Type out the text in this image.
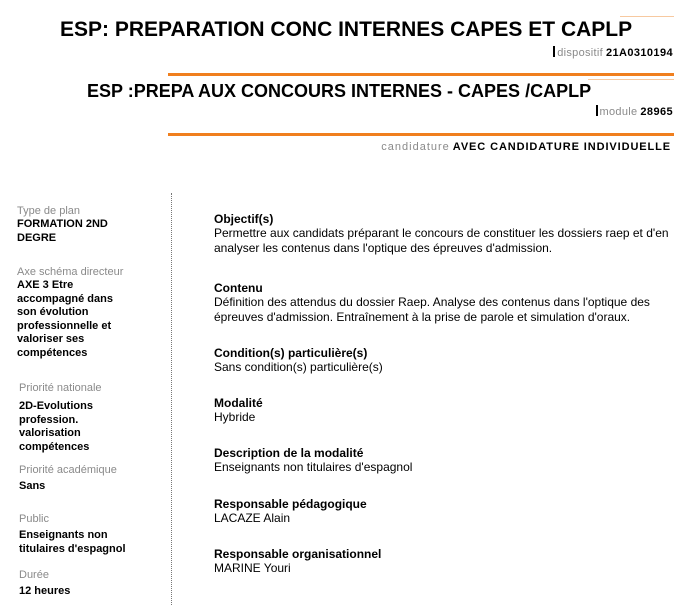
ESP: PREPARATION CONC INTERNES CAPES ET CAPLP
dispositif 21A0310194
ESP :PREPA AUX CONCOURS INTERNES - CAPES /CAPLP
module 28965
candidature AVEC CANDIDATURE INDIVIDUELLE
Type de plan
FORMATION 2ND DEGRE
Axe schéma directeur
AXE 3 Etre accompagné dans son évolution professionnelle et valoriser ses compétences
Priorité nationale
2D-Evolutions profession. valorisation compétences
Priorité académique
Sans
Public
Enseignants non titulaires d'espagnol
Durée
12 heures
Objectif(s)
Permettre aux candidats préparant le concours de constituer les dossiers raep et d'en analyser les contenus dans l'optique des épreuves d'admission.
Contenu
Définition des attendus du dossier Raep. Analyse des contenus dans l'optique des épreuves d'admission. Entraînement à la prise de parole et simulation d'oraux.
Condition(s) particulière(s)
Sans condition(s) particulière(s)
Modalité
Hybride
Description de la modalité
Enseignants non titulaires d'espagnol
Responsable pédagogique
LACAZE Alain
Responsable organisationnel
MARINE Youri
